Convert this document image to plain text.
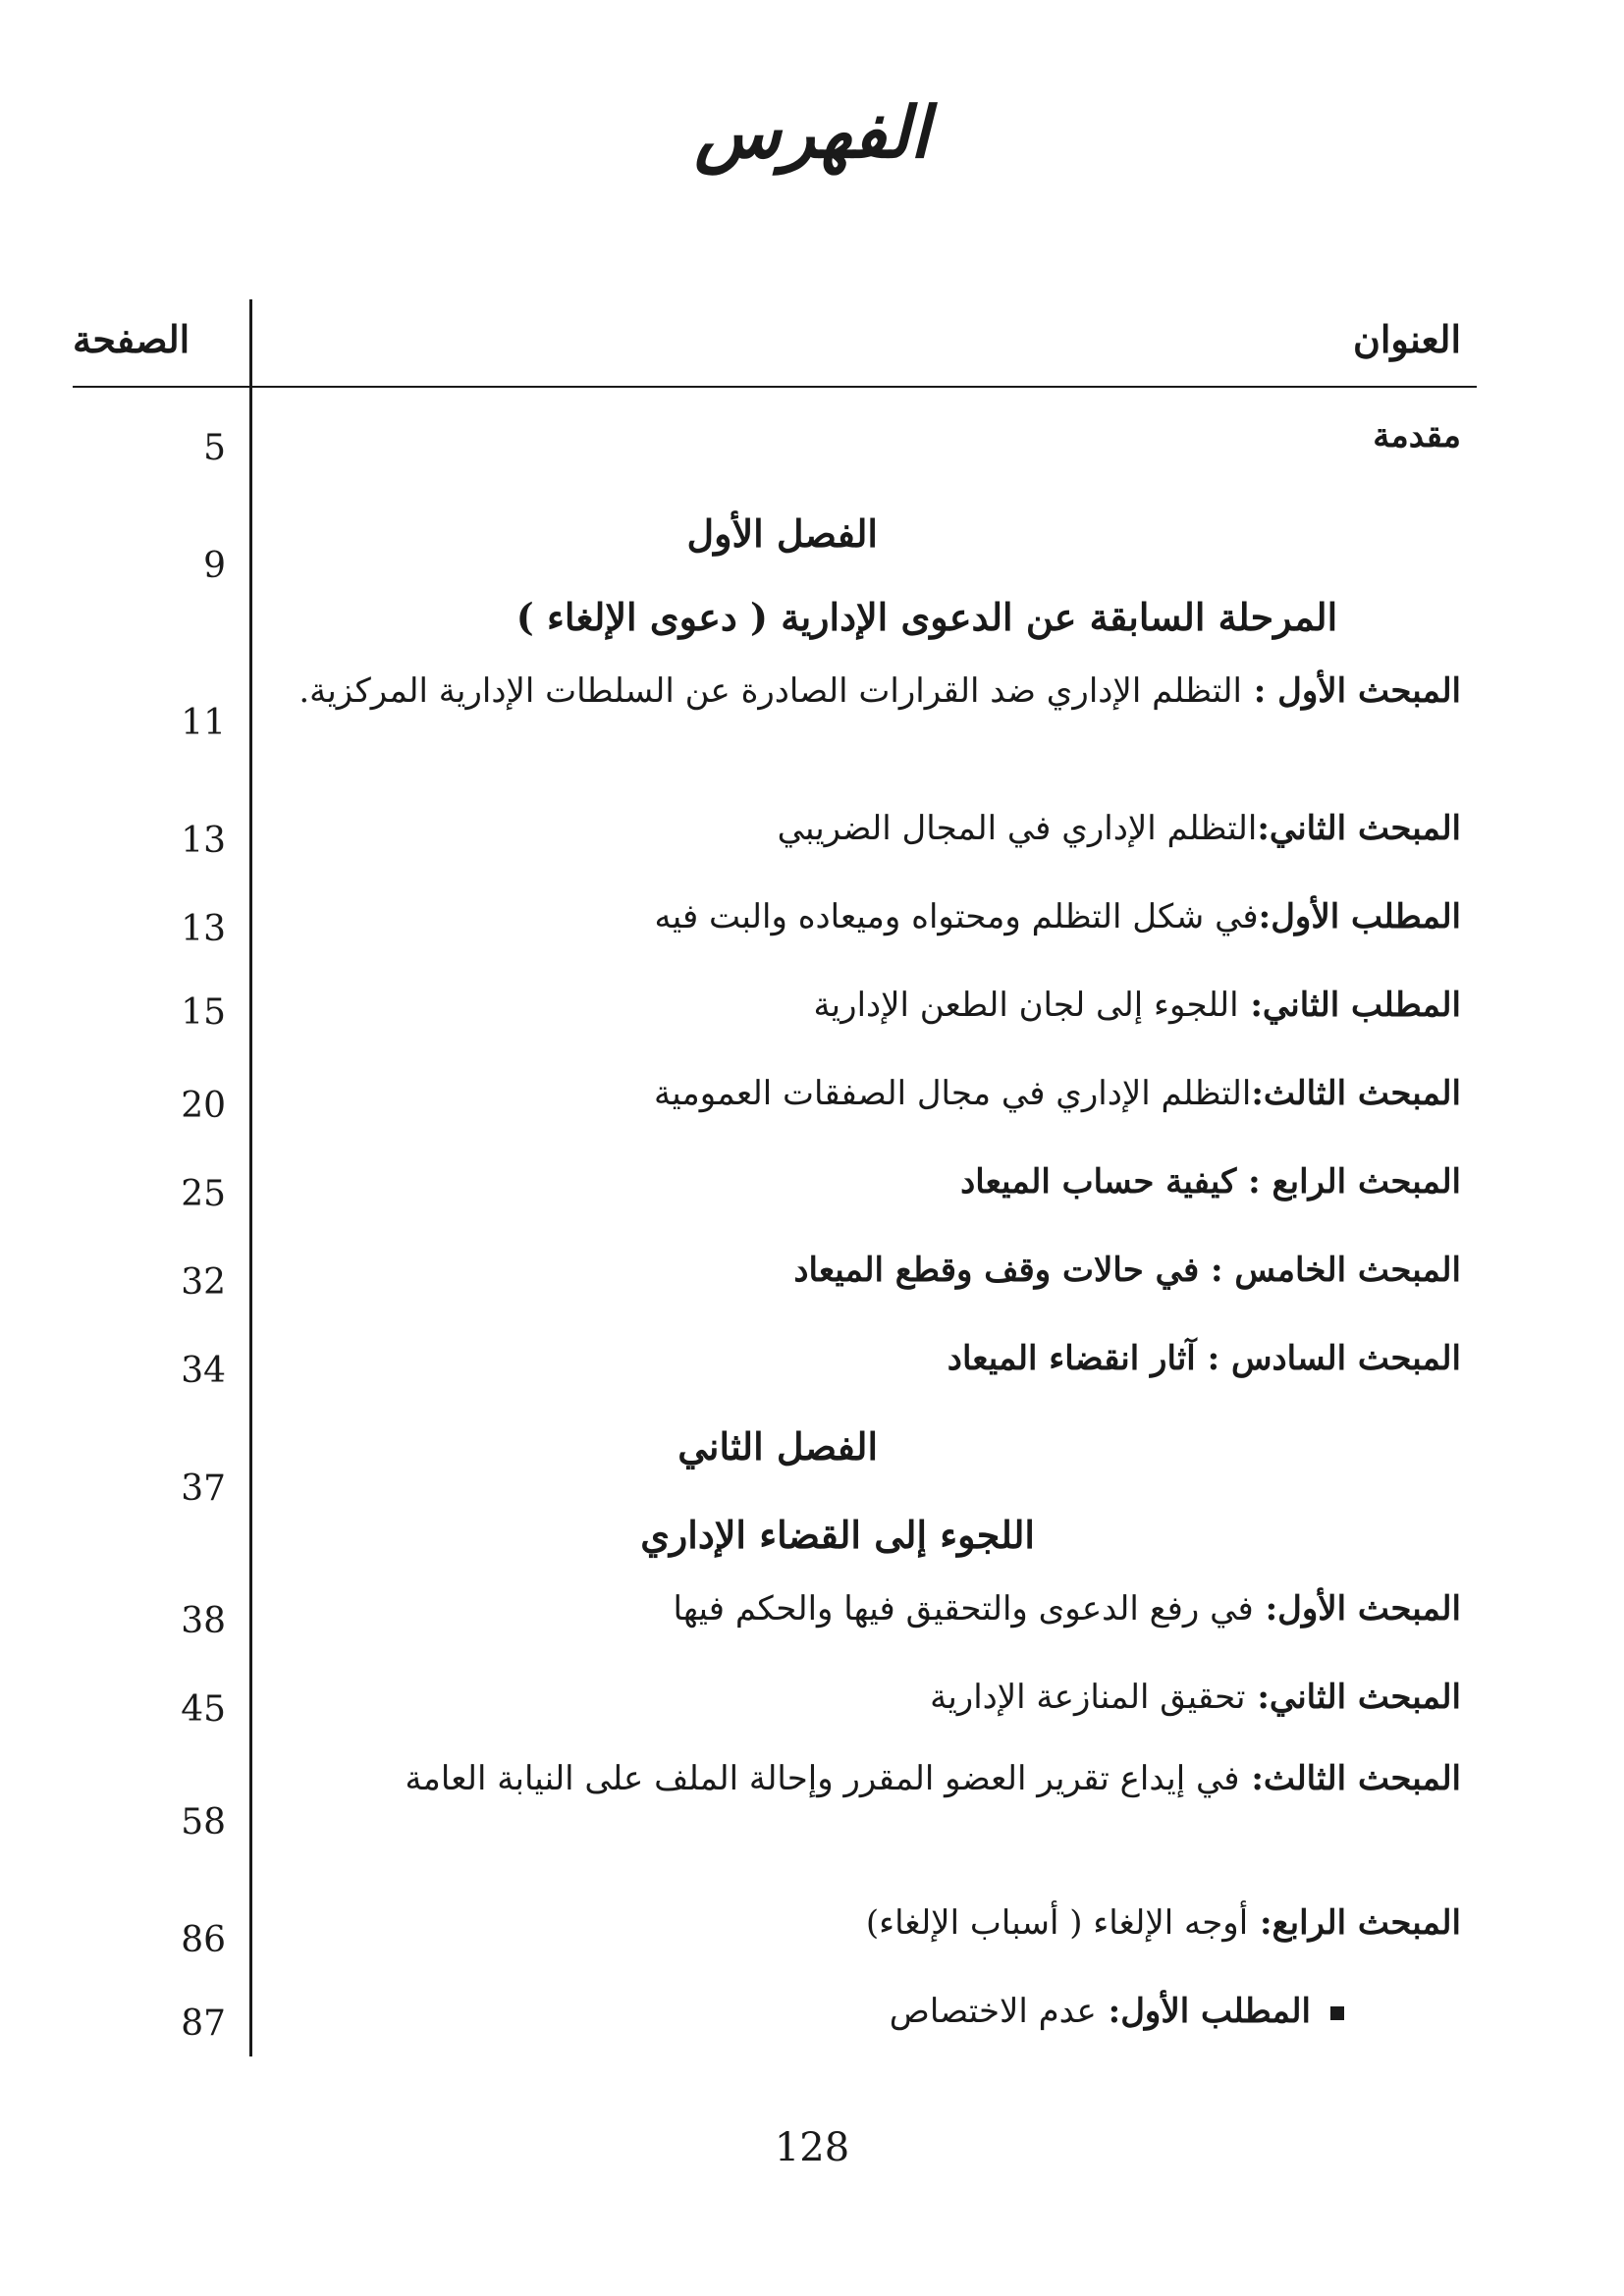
الفهرس
العنوان
الصفحة
مقدمة
5
الفصل الأول
9
المرحلة السابقة عن الدعوى الإدارية ( دعوى الإلغاء )
المبحث الأول : التظلم الإداري ضد القرارات الصادرة عن السلطات الإدارية المركزية.
11
المبحث الثاني:التظلم الإداري في المجال الضريبي
13
المطلب الأول:في شكل التظلم ومحتواه وميعاده والبت فيه
13
المطلب الثاني: اللجوء إلى لجان الطعن الإدارية
15
المبحث الثالث:التظلم الإداري في مجال الصفقات العمومية
20
المبحث الرابع : كيفية حساب الميعاد
25
المبحث الخامس : في حالات وقف وقطع الميعاد
32
المبحث السادس : آثار انقضاء الميعاد
34
الفصل الثاني
37
اللجوء إلى القضاء الإداري
المبحث الأول: في رفع الدعوى والتحقيق فيها والحكم فيها
38
المبحث الثاني: تحقيق المنازعة الإدارية
45
المبحث الثالث: في إيداع تقرير العضو المقرر وإحالة الملف على النيابة العامة
58
المبحث الرابع: أوجه الإلغاء ( أسباب الإلغاء)
86
المطلب الأول: عدم الاختصاص
87
128
